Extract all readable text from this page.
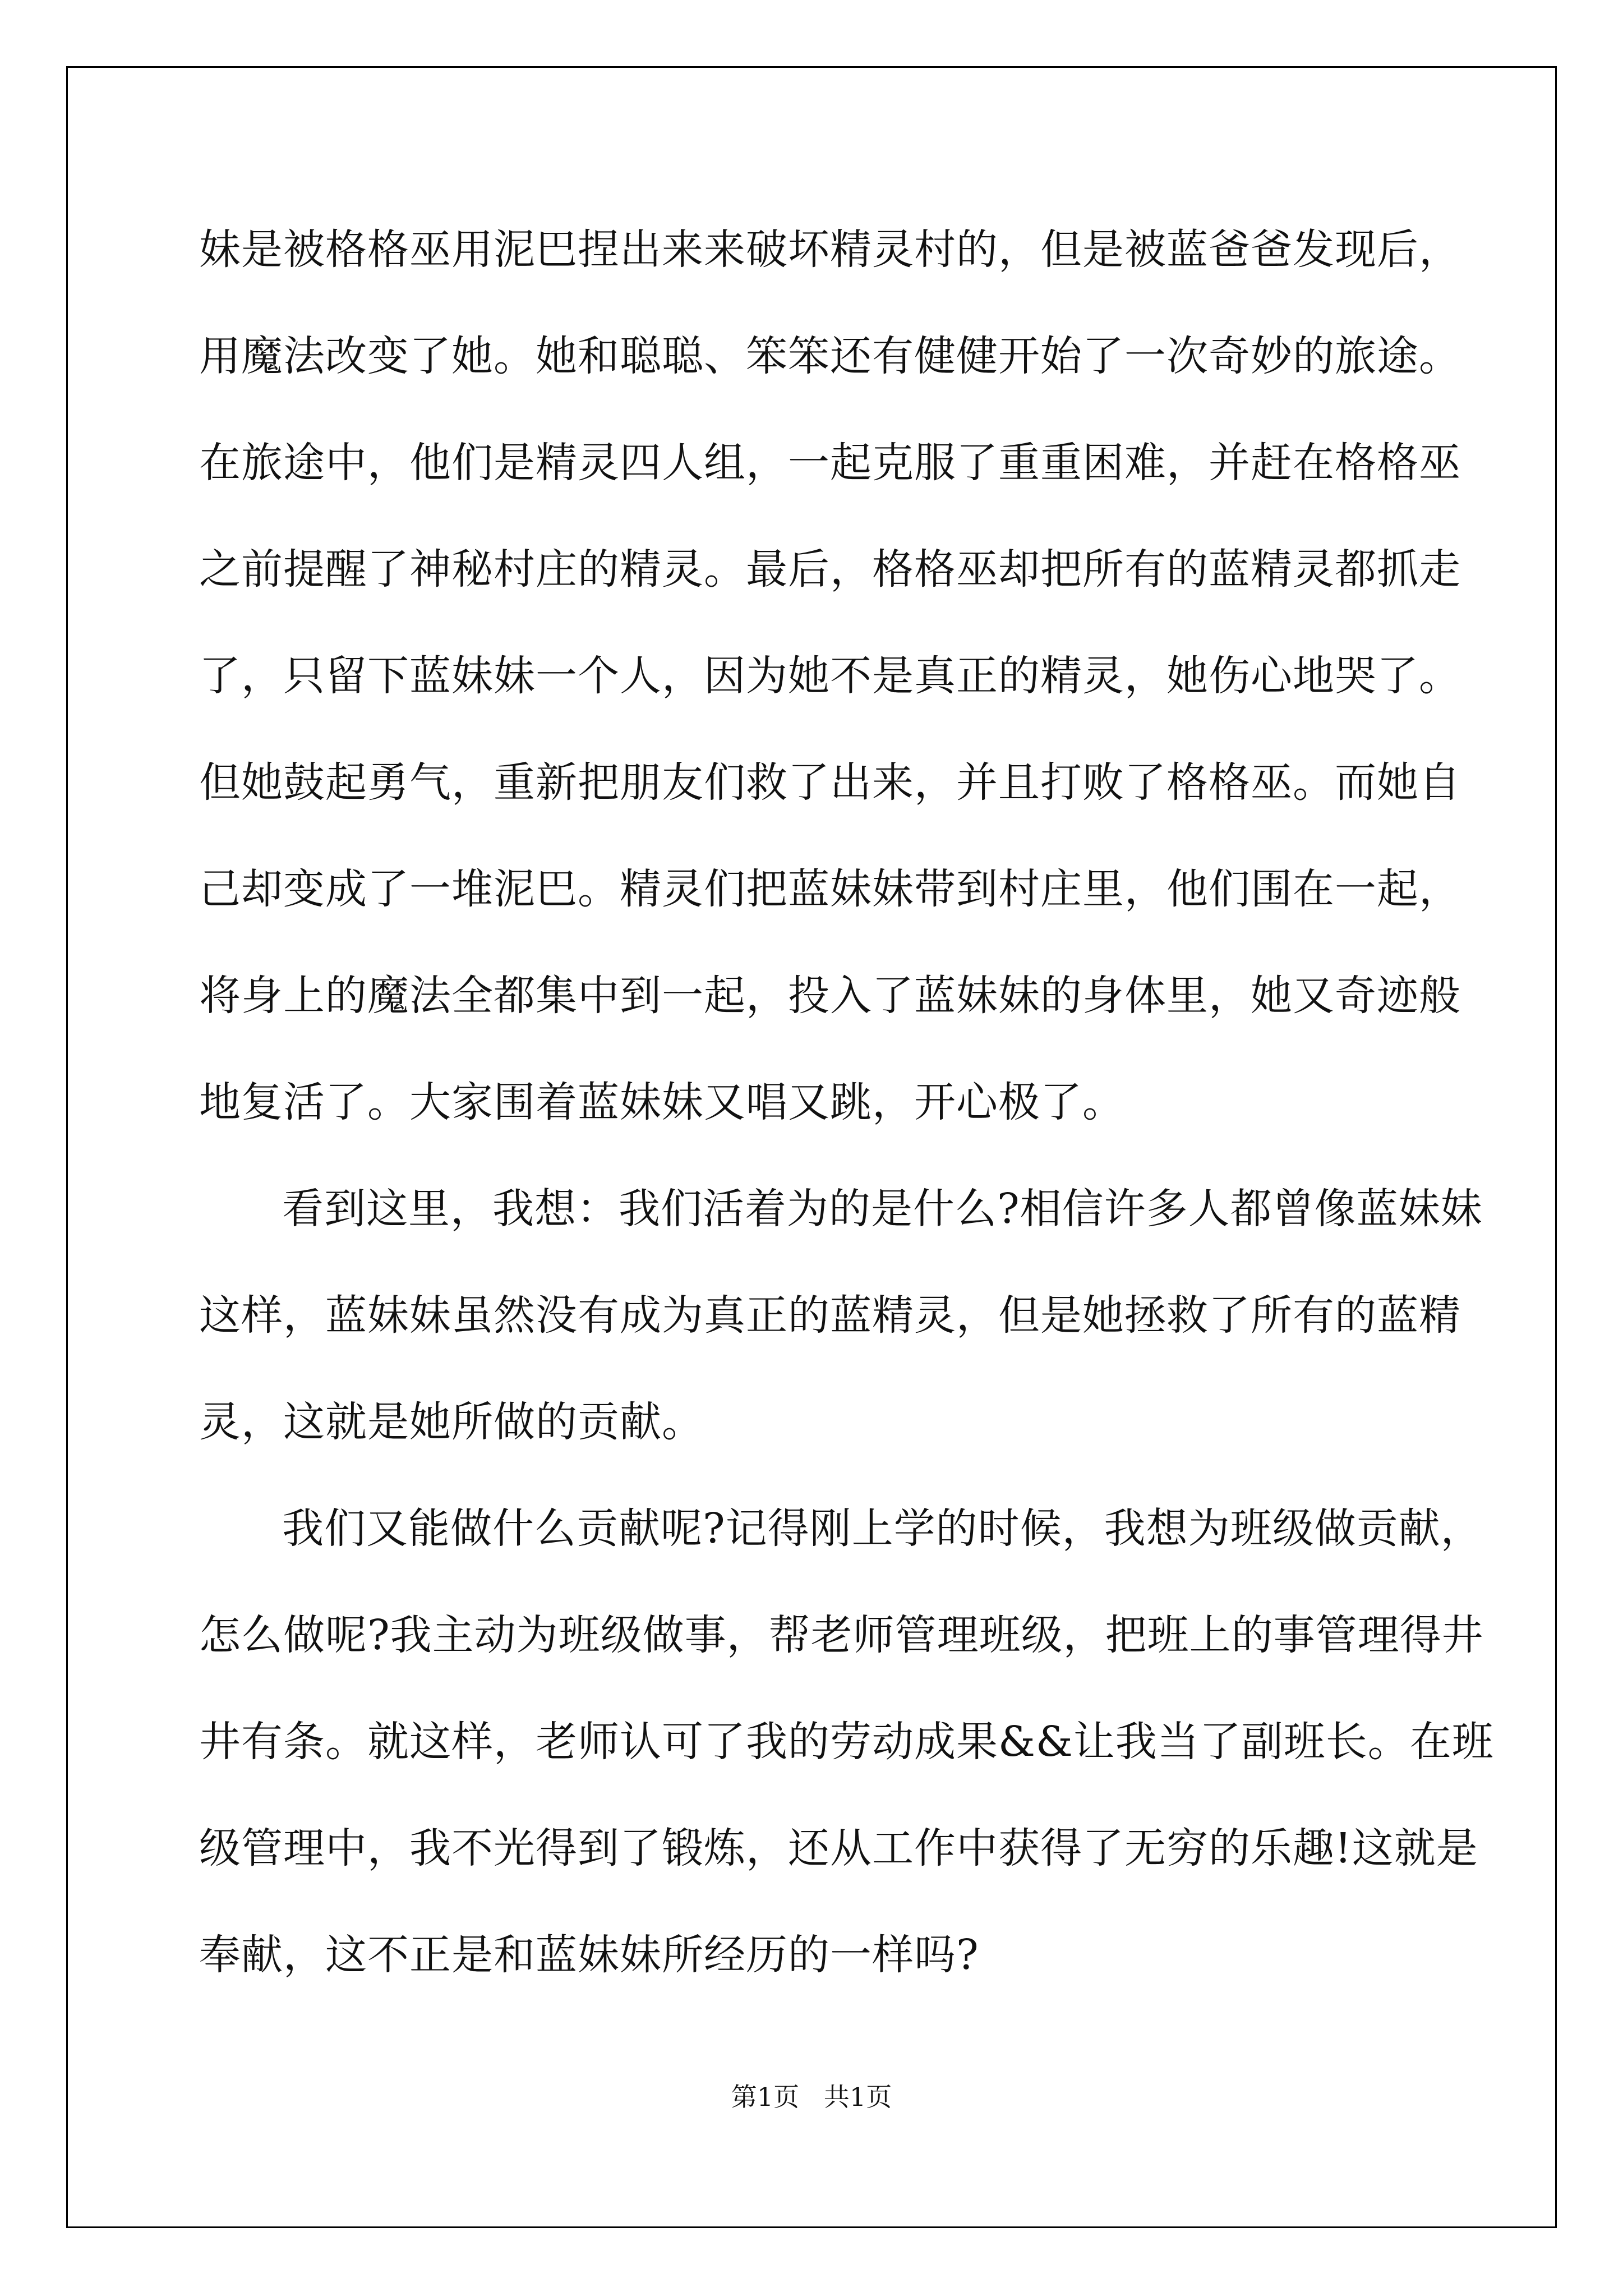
妹是被格格巫用泥巴捏出来来破坏精灵村的，但是被蓝爸爸发现后，
用魔法改变了她。她和聪聪、笨笨还有健健开始了一次奇妙的旅途。
在旅途中，他们是精灵四人组，一起克服了重重困难，并赶在格格巫
之前提醒了神秘村庄的精灵。最后，格格巫却把所有的蓝精灵都抓走
了，只留下蓝妹妹一个人，因为她不是真正的精灵，她伤心地哭了。
但她鼓起勇气，重新把朋友们救了出来，并且打败了格格巫。而她自
己却变成了一堆泥巴。精灵们把蓝妹妹带到村庄里，他们围在一起，
将身上的魔法全都集中到一起，投入了蓝妹妹的身体里，她又奇迹般
地复活了。大家围着蓝妹妹又唱又跳，开心极了。
看到这里，我想：我们活着为的是什么?相信许多人都曾像蓝妹妹
这样，蓝妹妹虽然没有成为真正的蓝精灵，但是她拯救了所有的蓝精
灵，这就是她所做的贡献。
我们又能做什么贡献呢?记得刚上学的时候，我想为班级做贡献，
怎么做呢?我主动为班级做事，帮老师管理班级，把班上的事管理得井
井有条。就这样，老师认可了我的劳动成果&&让我当了副班长。在班
级管理中，我不光得到了锻炼，还从工作中获得了无穷的乐趣!这就是
奉献，这不正是和蓝妹妹所经历的一样吗?
第1页   共1页
